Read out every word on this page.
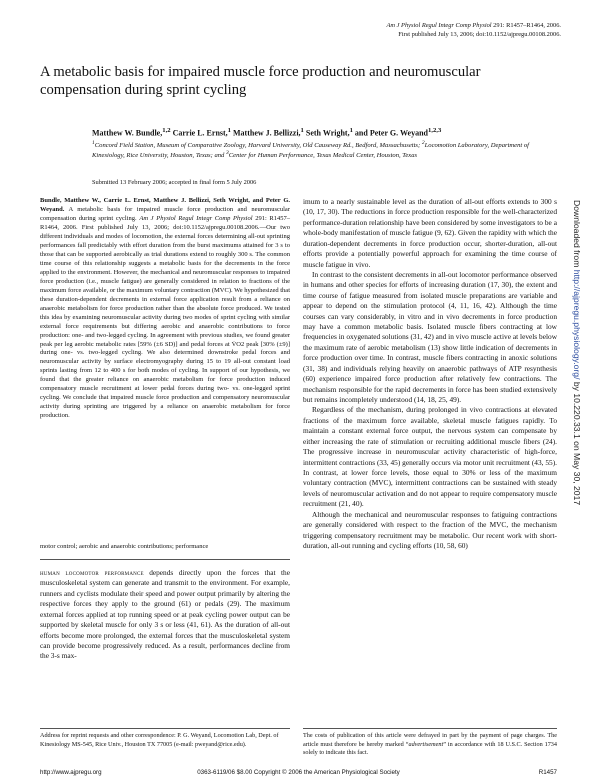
Am J Physiol Regul Integr Comp Physiol 291: R1457–R1464, 2006.
First published July 13, 2006; doi:10.1152/ajpregu.00108.2006.
A metabolic basis for impaired muscle force production and neuromuscular compensation during sprint cycling
Matthew W. Bundle,$^{1,2}$ Carrie L. Ernst,$^1$ Matthew J. Bellizzi,$^1$ Seth Wright,$^1$ and Peter G. Weyand$^{1,2,3}$
$^1$Concord Field Station, Museum of Comparative Zoology, Harvard University, Old Causeway Rd., Bedford, Massachusetts; $^2$Locomotion Laboratory, Department of Kinesiology, Rice University, Houston, Texas; and $^3$Center for Human Performance, Texas Medical Center, Houston, Texas
Submitted 13 February 2006; accepted in final form 5 July 2006
Bundle, Matthew W., Carrie L. Ernst, Matthew J. Bellizzi, Seth Wright, and Peter G. Weyand. A metabolic basis for impaired muscle force production and neuromuscular compensation during sprint cycling. Am J Physiol Regul Integr Comp Physiol 291: R1457–R1464, 2006. First published July 13, 2006; doi:10.1152/ajpregu.00108.2006.—Our two different individuals and modes of locomotion, the external forces determining all-out sprinting performances fall predictably with effort duration from the burst maximums attained for 3 s to those that can be supported aerobically as trial durations extend to roughly 300 s. The common time course of this relationship suggests a metabolic basis for the decrements in the force applied to the environment. However, the mechanical and neuromuscular responses to impaired force production (i.e., muscle fatigue) are generally considered in relation to fractions of the maximum force available, or the maximum voluntary contraction (MVC). We hypothesized that these duration-dependent decrements in external force application result from a reliance on anaerobic metabolism for force production rather than the absolute force produced. We tested this idea by examining neuromuscular activity during two modes of sprint cycling with similar external force requirements but differing aerobic and anaerobic contributions to force production: one- and two-legged cycling. In agreement with previous studies, we found greater peak per leg aerobic metabolic rates [59% (±6 SD)] and pedal forces at V̇O2 peak [30% (±9)] during one- vs. two-legged cycling. We also determined downstroke pedal forces and neuromuscular activity by surface electromyography during 15 to 19 all-out constant load sprints lasting from 12 to 400 s for both modes of cycling. In support of our hypothesis, we found that the greater reliance on anaerobic metabolism for force production induced compensatory muscle recruitment at lower pedal forces during two- vs. one-legged sprint cycling. We conclude that impaired muscle force production and compensatory neuromuscular activity during sprinting are triggered by a reliance on anaerobic metabolism for force production.
motor control; aerobic and anaerobic contributions; performance
human locomotor performance depends directly upon the forces that the musculoskeletal system can generate and transmit to the environment. For example, runners and cyclists modulate their speed and power output primarily by altering the respective forces they apply to the ground (61) or pedals (29). The maximum external forces applied at top running speed or at peak cycling power output can be supported by skeletal muscle for only 3 s or less (41, 61). As the duration of all-out efforts become more prolonged, the external forces that the musculoskeletal system can provide become progressively reduced. As a result, performances decline from the 3-s max-

imum to a nearly sustainable level as the duration of all-out efforts extends to 300 s (10, 17, 30). The reductions in force production responsible for the well-characterized performance-duration relationship have been considered by some investigators to be a whole-body manifestation of muscle fatigue (9, 62). Given the rapidity with which the duration-dependent decrements in force production occur, shorter-duration, all-out efforts provide a potentially powerful approach for examining the time course of muscle fatigue in vivo.

In contrast to the consistent decrements in all-out locomotor performance observed in humans and other species for efforts of increasing duration (17, 30), the extent and time course of fatigue measured from isolated muscle preparations are variable and appear to depend on the stimulation protocol (4, 11, 16, 42). Although the time courses can vary considerably, in vitro and in vivo decrements in force production may have a common metabolic basis. Isolated muscle fibers contracting at low frequencies in oxygenated solutions (31, 42) and in vivo muscle active at levels below the maximum rate of aerobic metabolism (13) show little indication of decrements in force production over time. In contrast, muscle fibers contracting in anoxic solutions (31, 38) and individuals relying heavily on anaerobic pathways of ATP resynthesis (60) experience impaired force production after relatively few contractions. The mechanism responsible for the rapid decrements in force has been studied extensively but remains incompletely understood (14, 18, 25, 49).

Regardless of the mechanism, during prolonged in vivo contractions at elevated fractions of the maximum force available, skeletal muscle fatigues rapidly. To maintain a constant external force output, the nervous system can compensate by either increasing the rate of stimulation or recruiting additional muscle fibers (24). The progressive increase in neuromuscular activity characteristic of high-force, intermittent contractions (33, 45) generally occurs via motor unit recruitment (43, 55). In contrast, at lower force levels, those equal to 30% or less of the maximum voluntary contraction (MVC), intermittent contractions can be sustained with steady levels of neuromuscular activation and do not appear to require compensatory muscle recruitment (21, 40).

Although the mechanical and neuromuscular responses to fatiguing contractions are generally considered with respect to the fraction of the MVC, the mechanism triggering compensatory recruitment may be metabolic. Our recent work with short-duration, all-out running and cycling efforts (10, 58, 60)

Address for reprint requests and other correspondence: P. G. Weyand, Locomotion Lab, Dept. of Kinesiology MS-545, Rice Univ., Houston TX 77005 (e-mail: pweyand@rice.edu).
The costs of publication of this article were defrayed in part by the payment of page charges. The article must therefore be hereby marked “advertisement” in accordance with 18 U.S.C. Section 1734 solely to indicate this fact.
http://www.ajpregu.org	0363-6119/06 $8.00 Copyright © 2006 the American Physiological Society	R1457
Downloaded from http://ajpregu.physiology.org/ by 10.220.33.1 on May 30, 2017
